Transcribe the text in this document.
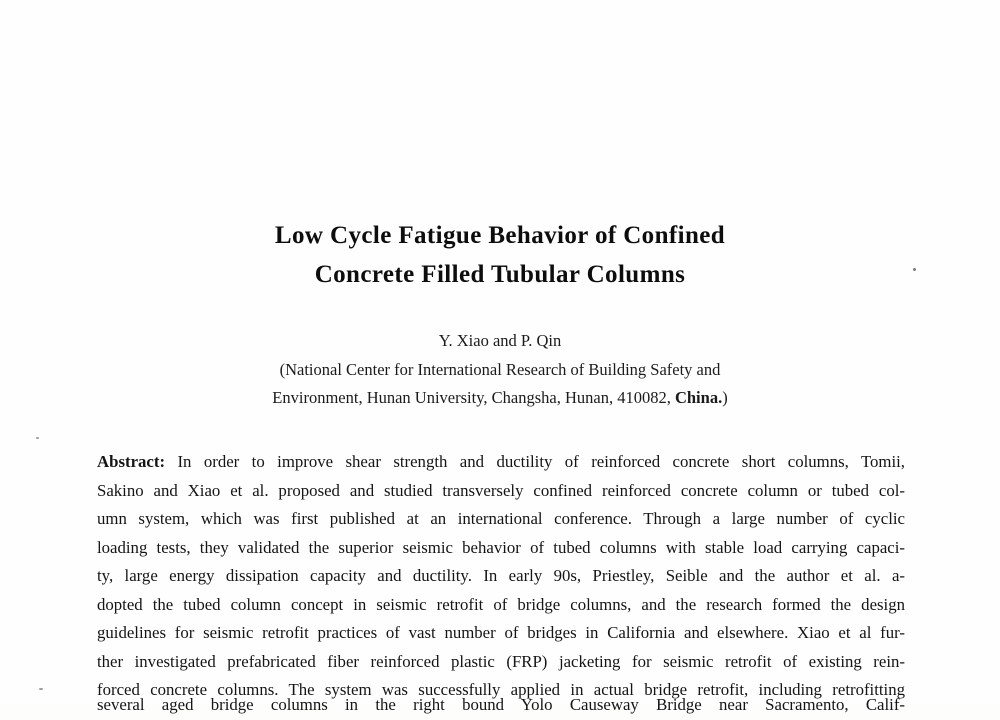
Low Cycle Fatigue Behavior of Confined
Concrete Filled Tubular Columns
Y. Xiao and P. Qin
(National Center for International Research of Building Safety and
Environment, Hunan University, Changsha, Hunan, 410082, China.)
Abstract: In order to improve shear strength and ductility of reinforced concrete short columns, Tomii,
Sakino and Xiao et al. proposed and studied transversely confined reinforced concrete column or tubed col-
umn system, which was first published at an international conference. Through a large number of cyclic
loading tests, they validated the superior seismic behavior of tubed columns with stable load carrying capaci-
ty, large energy dissipation capacity and ductility. In early 90s, Priestley, Seible and the author et al. a-
dopted the tubed column concept in seismic retrofit of bridge columns, and the research formed the design
guidelines for seismic retrofit practices of vast number of bridges in California and elsewhere. Xiao et al fur-
ther investigated prefabricated fiber reinforced plastic (FRP) jacketing for seismic retrofit of existing rein-
forced concrete columns. The system was successfully applied in actual bridge retrofit, including retrofitting
several aged bridge columns in the right bound Yolo Causeway Bridge near Sacramento, Calif-
